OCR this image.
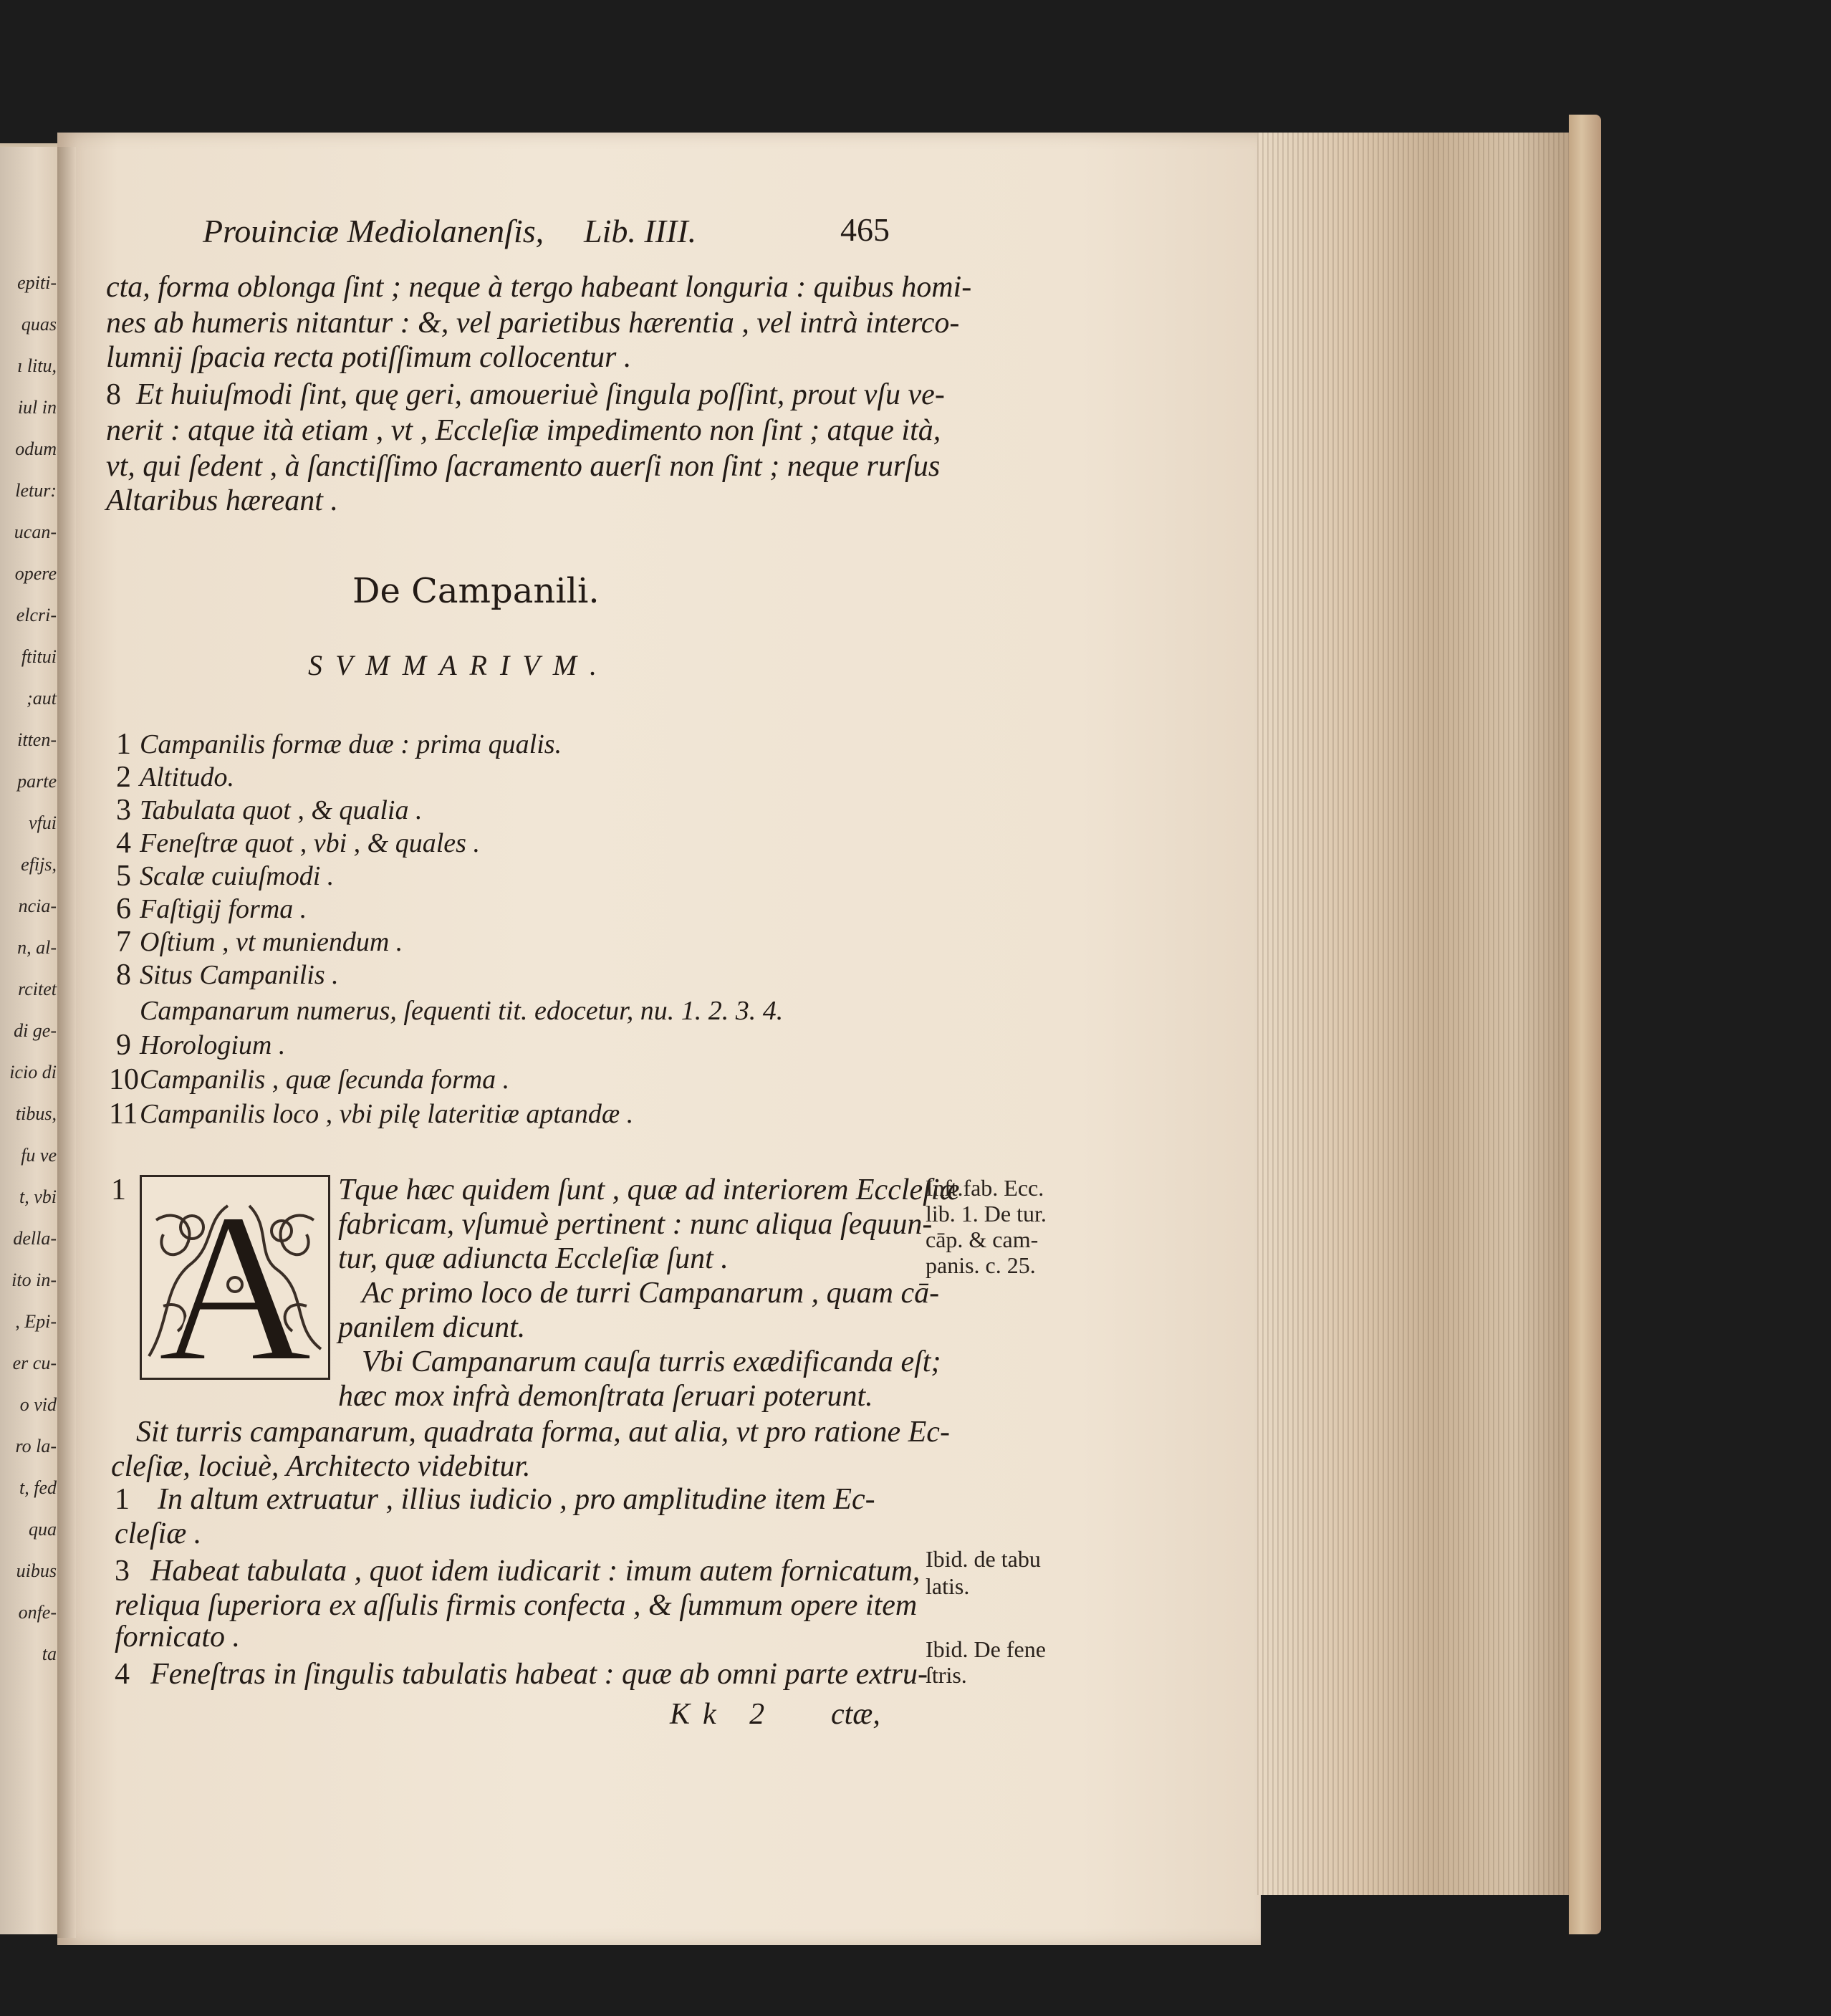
epiti-
quas
ı litu,
iul in
odum
letur:
ucan-
opere
elcri-
ftitui
;aut
itten-
parte
vfui
efijs,
ncia-
n, al-
rcitet
di ge-
icio di
tibus,
fu ve
t, vbi
della-
ito in-
, Epi-
er cu-
o vid
ro la-
t, fed
qua
uibus
onfe-
ta
Prouinciæ Mediolanenſis, Lib. IIII.	465
cta, forma oblonga ſint ; neque à tergo habeant longuria : quibus homi-
nes ab humeris nitantur : &, vel parietibus hærentia , vel intrà interco-
lumnij ſpacia recta potiſſimum collocentur .
8 Et huiuſmodi ſint, quę geri, amoueriuè ſingula poſſint, prout vſu ve-
nerit : atque ità etiam , vt , Eccleſiæ impedimento non ſint ; atque ità,
vt, qui ſedent , à ſanctiſſimo ſacramento auerſi non ſint ; neque rurſus
Altaribus hæreant .
De Campanili.
SVMMARIVM.
1 Campanilis formæ duæ : prima qualis.
2 Altitudo.
3 Tabulata quot , & qualia .
4 Feneſtræ quot , vbi , & quales .
5 Scalæ cuiuſmodi .
6 Faſtigij forma .
7 Oſtium , vt muniendum .
8 Situs Campanilis .
Campanarum numerus, ſequenti tit. edocetur, nu. 1. 2. 3. 4.
9 Horologium .
10 Campanilis , quæ ſecunda forma .
11 Campanilis loco , vbi pilę lateritiæ aptandæ .
1 A Tque hæc quidem ſunt , quæ ad interiorem Eccleſiæ
fabricam, vſumuè pertinent : nunc aliqua ſequun-
tur, quæ adiuncta Eccleſiæ ſunt .
Ac primo loco de turri Campanarum , quam cā-
panilem dicunt.
Vbi Campanarum cauſa turris exædificanda eſt;
hæc mox infrà demonſtrata ſeruari poterunt.
Sit turris campanarum, quadrata forma, aut alia, vt pro ratione Ec-
cleſiæ, lociuè, Architecto videbitur.
1 In altum extruatur , illius iudicio , pro amplitudine item Ec-
cleſiæ .
3 Habeat tabulata , quot idem iudicarit : imum autem fornicatum,
reliqua ſuperiora ex aſſulis firmis confecta , & ſummum opere item
fornicato .
4 Feneſtras in ſingulis tabulatis habeat : quæ ab omni parte extru-
Kk 2 ctæ,
Inſt.fab. Ecc.
lib. 1. De tur.
cāp. & cam-
panis. c. 25.
Ibid. de tabu
latis.
Ibid. De fene
ſtris.
